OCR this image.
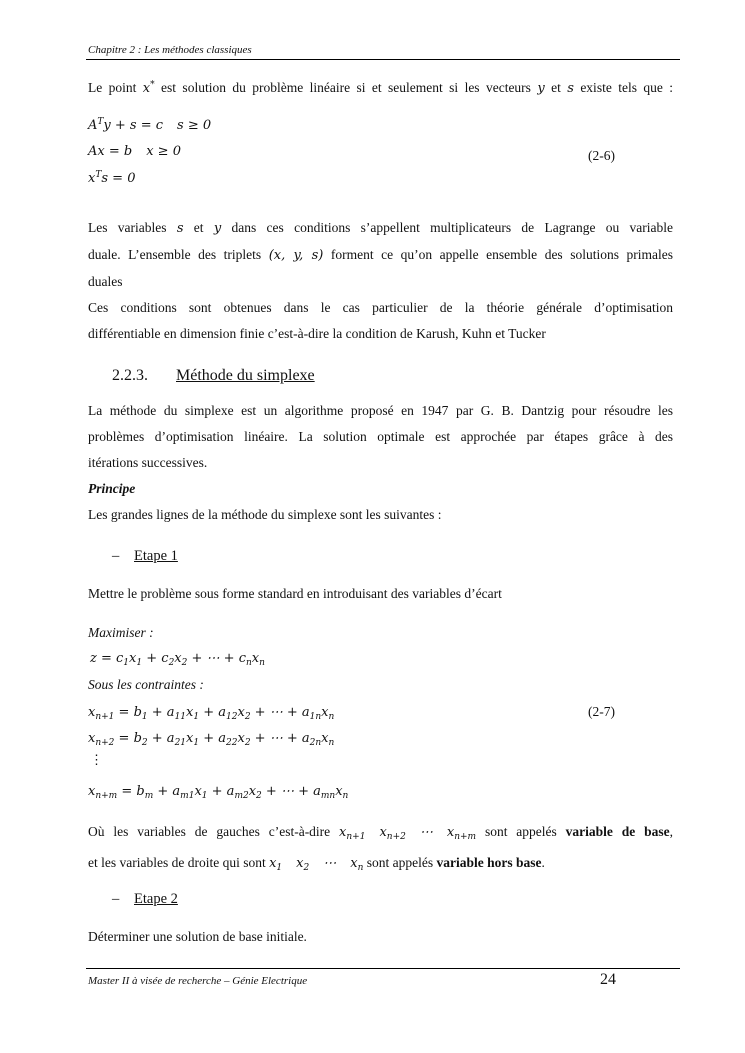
Chapitre 2 : Les méthodes classiques
Le point x* est solution du problème linéaire si et seulement si les vecteurs y et s existe tels que :
$A^Ty + s = c$ s ≥ 0
Ax = b x ≥ 0
$x^Ts = 0$
(2-6)
Les variables s et y dans ces conditions s’appellent multiplicateurs de Lagrange ou variable
duale. L’ensemble des triplets (x, y, s) forment ce qu’on appelle ensemble des solutions primales
duales
Ces conditions sont obtenues dans le cas particulier de la théorie générale d’optimisation
différentiable en dimension finie c’est-à-dire la condition de Karush, Kuhn et Tucker
2.2.3. Méthode du simplexe
La méthode du simplexe est un algorithme proposé en 1947 par G. B. Dantzig pour résoudre les
problèmes d’optimisation linéaire. La solution optimale est approchée par étapes grâce à des
itérations successives.
Principe
Les grandes lignes de la méthode du simplexe sont les suivantes :
– Etape 1
Mettre le problème sous forme standard en introduisant des variables d’écart
Maximiser :
$z = c_1x_1 + c_2x_2$ + ⋯ + $c_nx_n$
Sous les contraintes :
$x_{n+1} = b_1 + a_{11}x_1 + a_{12}x_2$ + ⋯ + $a_{1n}x_n$	(2-7)
$x_{n+2} = b_2 + a_{21}x_1 + a_{22}x_2$ + ⋯ + $a_{2n}x_n$
⋮
$x_{n+m} = b_m + a_{m1}x_1 + a_{m2}x_2$ + ⋯ + $a_{mn}x_n$
Où les variables de gauches c’est-à-dire $x_{n+1}$ $x_{n+2}$ ⋯ $x_{n+m}$ sont appelés variable de base,
et les variables de droite qui sont $x_1$ $x_2$ ⋯ $x_n$ sont appelés variable hors base.
– Etape 2
Déterminer une solution de base initiale.
Master II à visée de recherche – Génie Electrique	24
